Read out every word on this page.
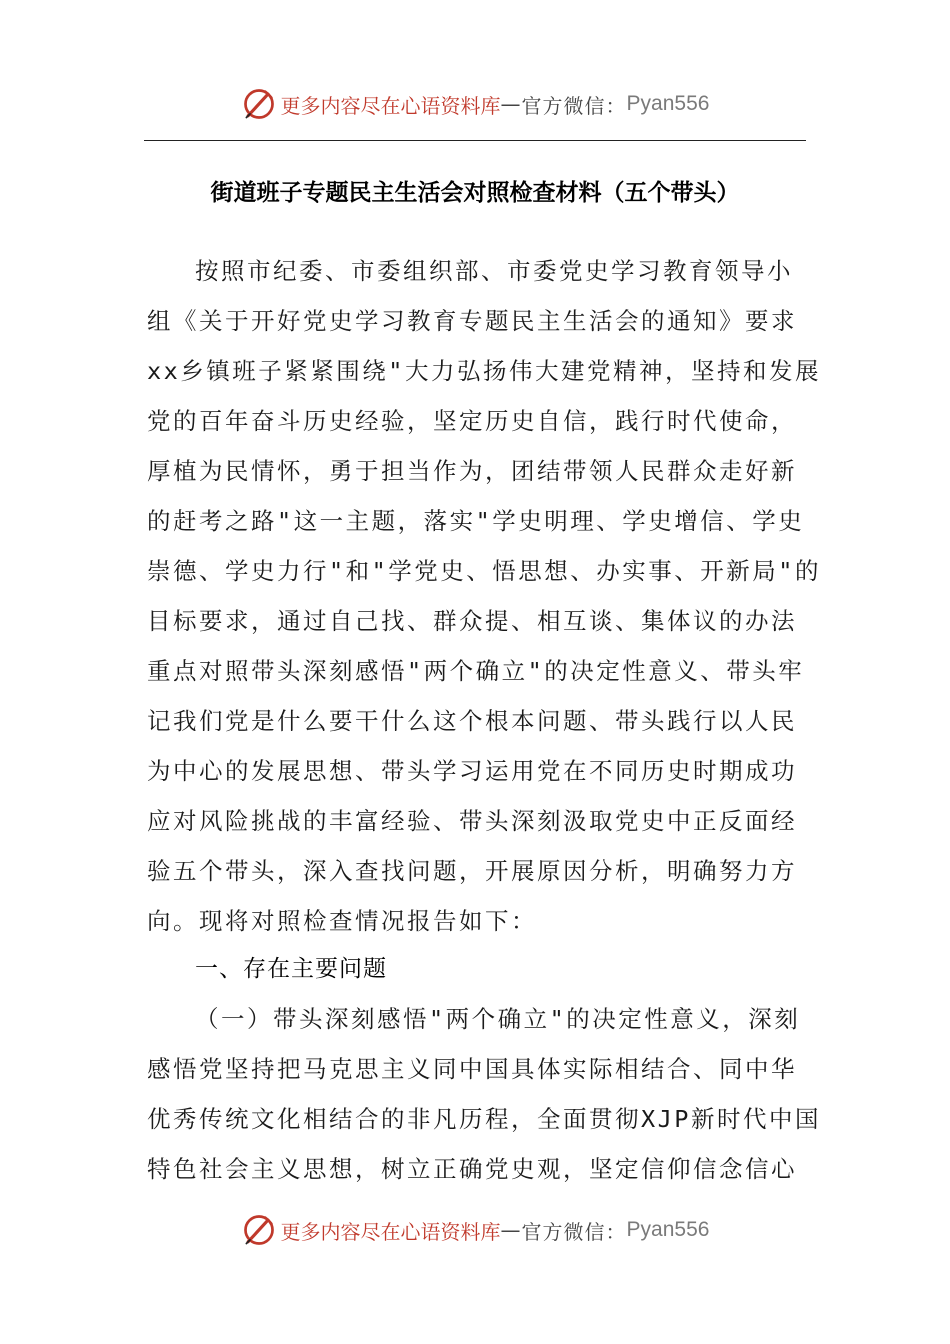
更多内容尽在心语资料库 — 官方微信： Pyan556
街道班子专题民主生活会对照检查材料（五个带头）
按照市纪委、市委组织部、市委党史学习教育领导小
组《关于开好党史学习教育专题民主生活会的通知》要求
xx乡镇班子紧紧围绕"大力弘扬伟大建党精神，坚持和发展
党的百年奋斗历史经验，坚定历史自信，践行时代使命，
厚植为民情怀，勇于担当作为，团结带领人民群众走好新
的赶考之路"这一主题，落实"学史明理、学史增信、学史
崇德、学史力行"和"学党史、悟思想、办实事、开新局"的
目标要求，通过自己找、群众提、相互谈、集体议的办法
重点对照带头深刻感悟"两个确立"的决定性意义、带头牢
记我们党是什么要干什么这个根本问题、带头践行以人民
为中心的发展思想、带头学习运用党在不同历史时期成功
应对风险挑战的丰富经验、带头深刻汲取党史中正反面经
验五个带头，深入查找问题，开展原因分析，明确努力方
向。现将对照检查情况报告如下：
一、存在主要问题
（一）带头深刻感悟"两个确立"的决定性意义，深刻
感悟党坚持把马克思主义同中国具体实际相结合、同中华
优秀传统文化相结合的非凡历程，全面贯彻XJP新时代中国
特色社会主义思想，树立正确党史观，坚定信仰信念信心
更多内容尽在心语资料库 — 官方微信： Pyan556
